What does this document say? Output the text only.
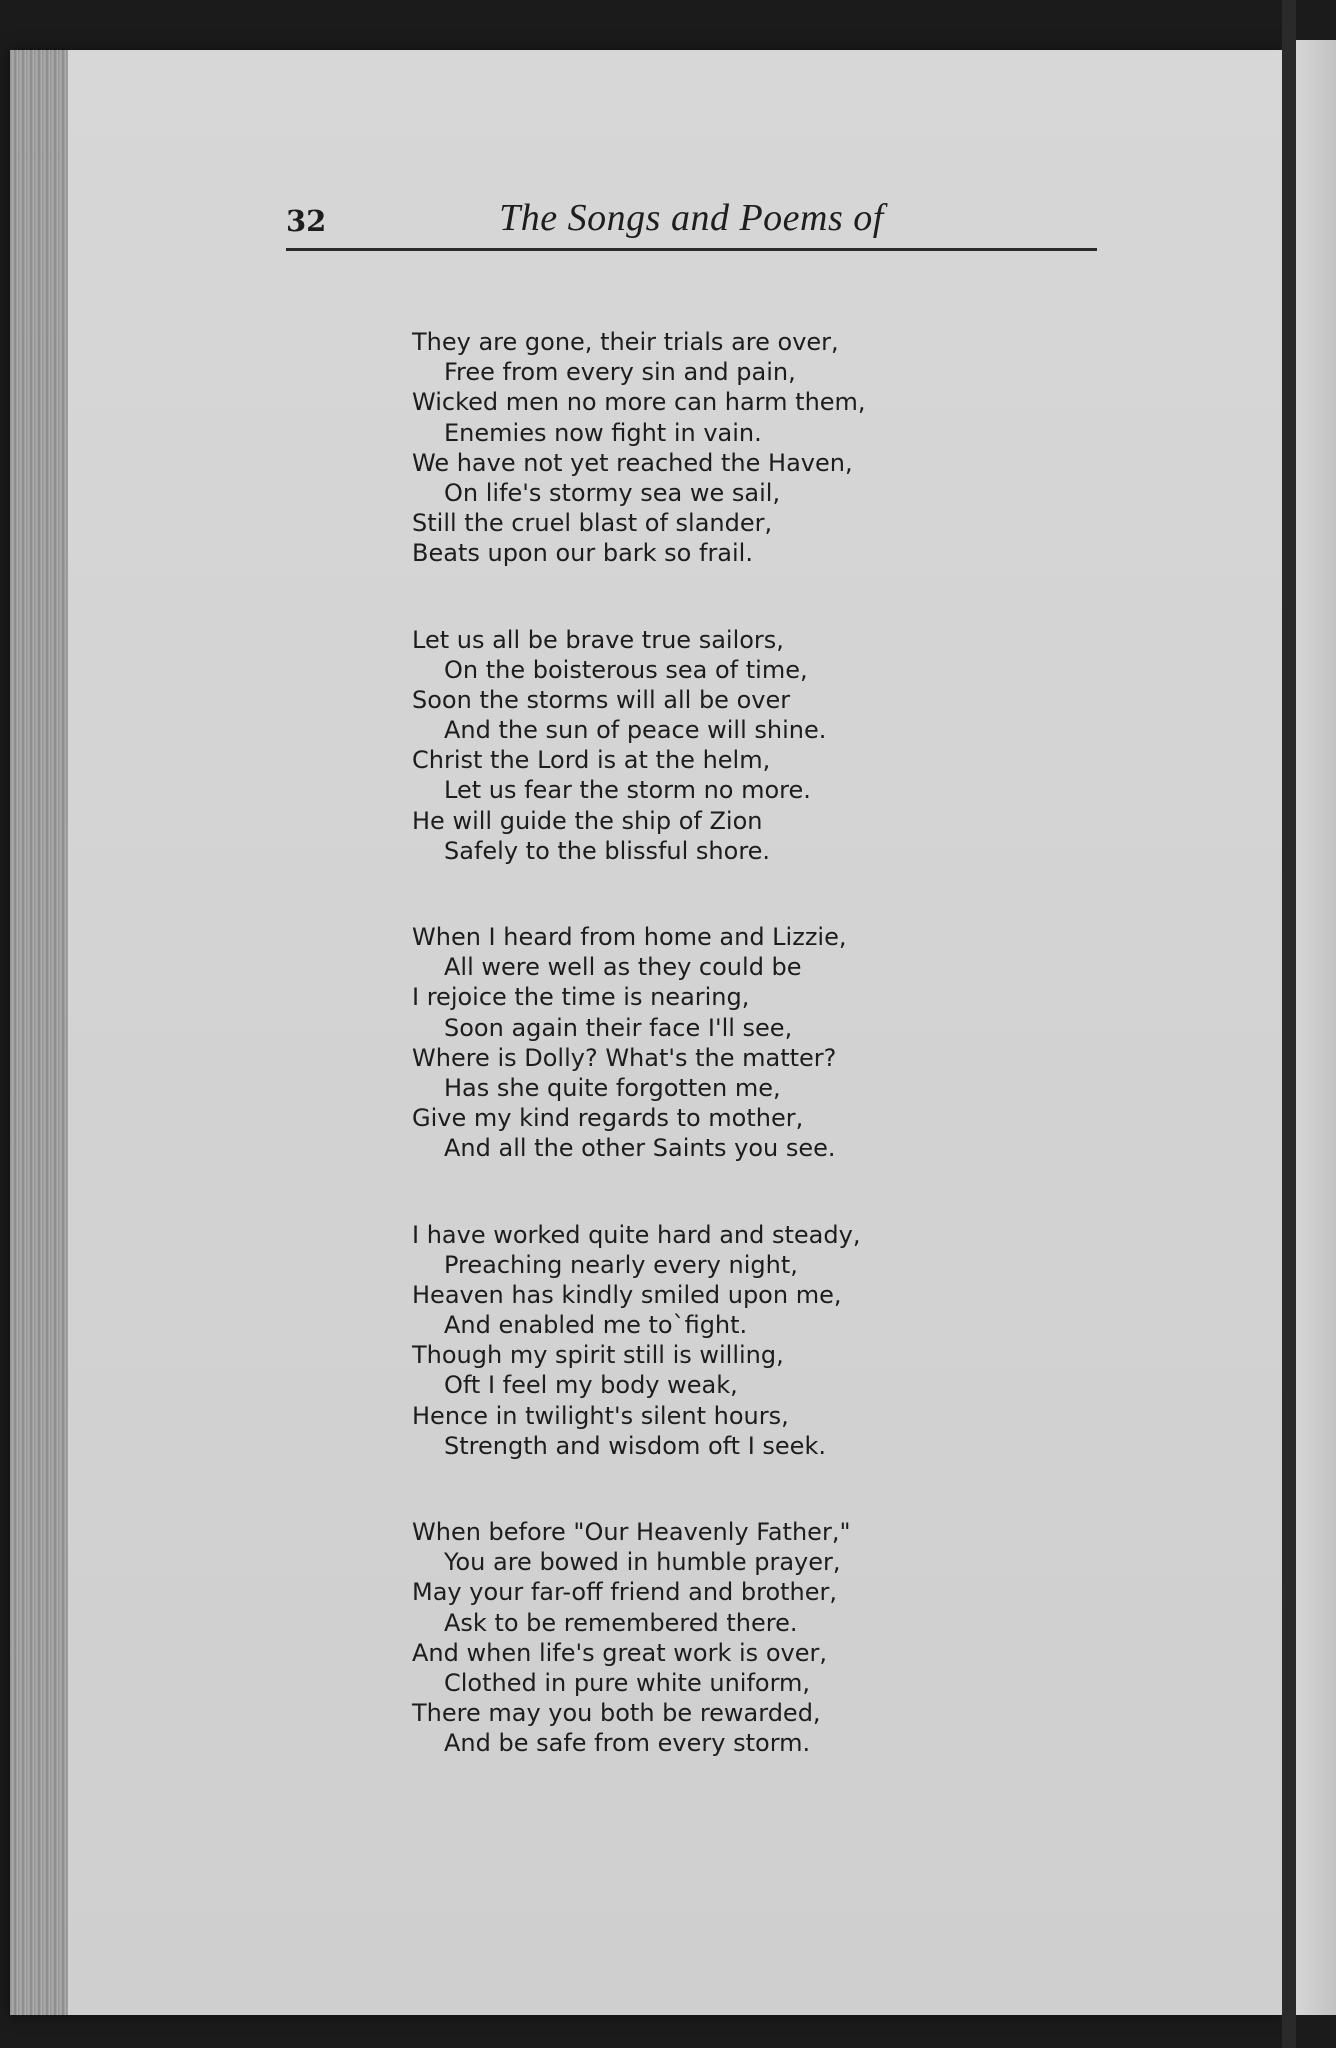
32	The Songs and Poems of
They are gone, their trials are over,
Free from every sin and pain,
Wicked men no more can harm them,
Enemies now fight in vain.
We have not yet reached the Haven,
On life's stormy sea we sail,
Still the cruel blast of slander,
Beats upon our bark so frail.
Let us all be brave true sailors,
On the boisterous sea of time,
Soon the storms will all be over
And the sun of peace will shine.
Christ the Lord is at the helm,
Let us fear the storm no more.
He will guide the ship of Zion
Safely to the blissful shore.
When I heard from home and Lizzie,
All were well as they could be
I rejoice the time is nearing,
Soon again their face I'll see,
Where is Dolly? What's the matter?
Has she quite forgotten me,
Give my kind regards to mother,
And all the other Saints you see.
I have worked quite hard and steady,
Preaching nearly every night,
Heaven has kindly smiled upon me,
And enabled me to`fight.
Though my spirit still is willing,
Oft I feel my body weak,
Hence in twilight's silent hours,
Strength and wisdom oft I seek.
When before "Our Heavenly Father,"
You are bowed in humble prayer,
May your far-off friend and brother,
Ask to be remembered there.
And when life's great work is over,
Clothed in pure white uniform,
There may you both be rewarded,
And be safe from every storm.
